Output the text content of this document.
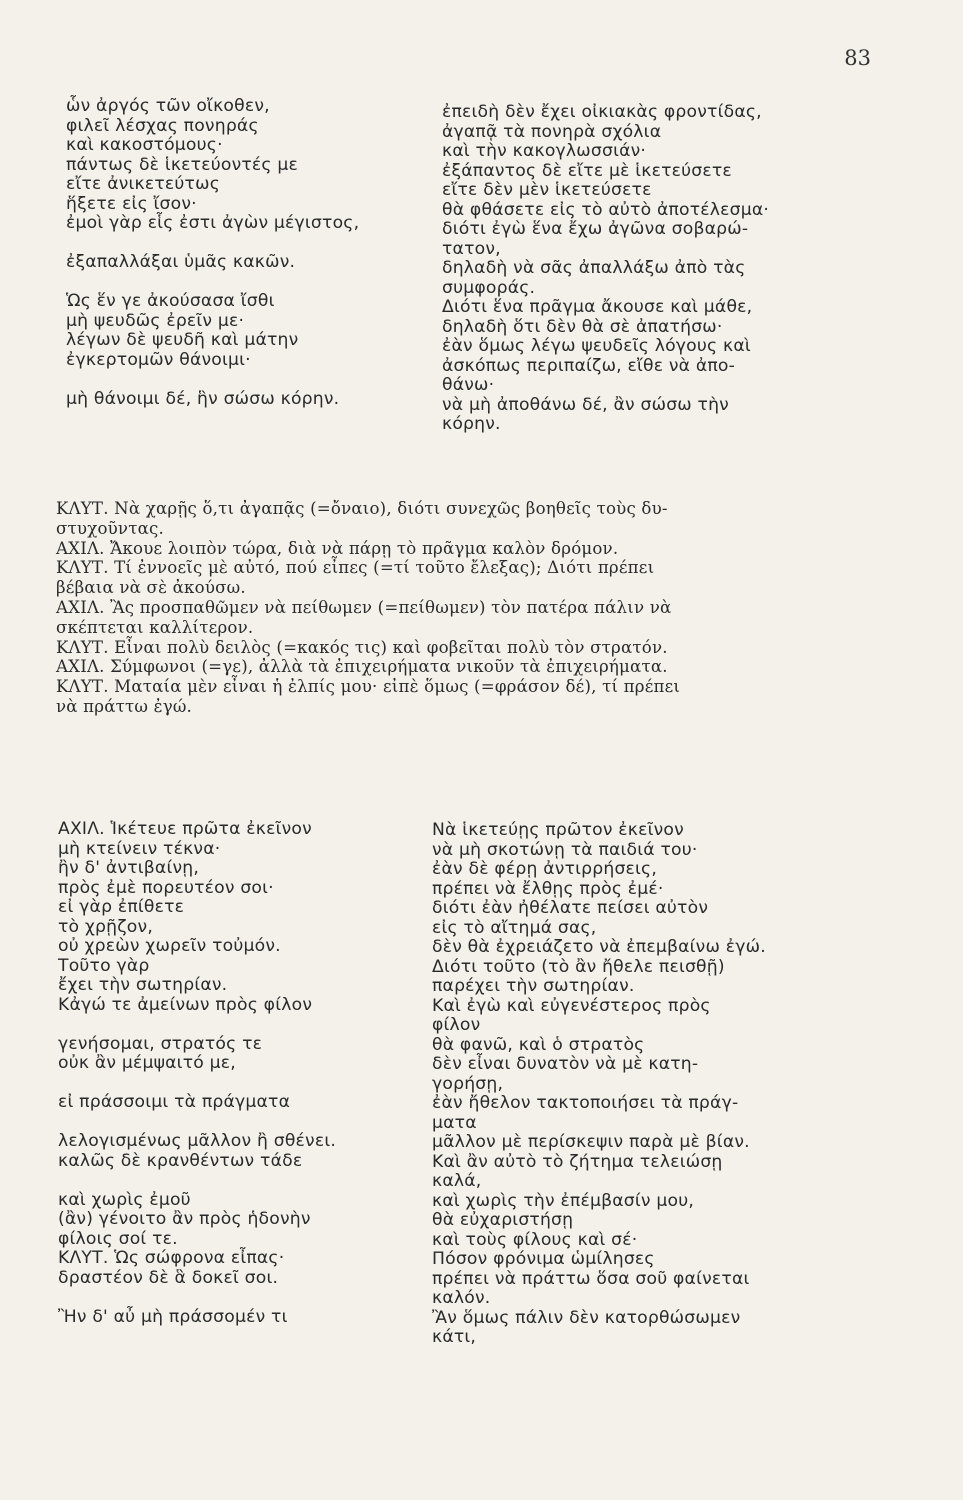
83
ὧν ἀργός τῶν οἴκοθεν,
φιλεῖ λέσχας πονηράς
καὶ κακοστόμους·
πάντως δὲ ἱκετεύοντές με
εἴτε ἀνικετεύτως
ἥξετε εἰς ἴσον·
ἐμοὶ γὰρ εἷς ἐστι ἀγὼν μέγιστος,
ἐξαπαλλάξαι ὑμᾶς κακῶν.
Ὡς ἕν γε ἀκούσασα ἴσθι
μὴ ψευδῶς ἐρεῖν με·
λέγων δὲ ψευδῆ καὶ μάτην
ἐγκερτομῶν θάνοιμι·
μὴ θάνοιμι δέ, ἣν σώσω κόρην.
ἐπειδὴ δὲν ἔχει οἰκιακὰς φροντίδας,
ἀγαπᾷ τὰ πονηρὰ σχόλια
καὶ τὴν κακογλωσσιάν·
ἐξάπαντος δὲ εἴτε μὲ ἱκετεύσετε
εἴτε δὲν μὲν ἱκετεύσετε
θὰ φθάσετε εἰς τὸ αὐτὸ ἀποτέλεσμα·
διότι ἐγὼ ἕνα ἔχω ἀγῶνα σοβαρώ-
τατον,
δηλαδὴ νὰ σᾶς ἀπαλλάξω ἀπὸ τὰς
συμφοράς.
Διότι ἕνα πρᾶγμα ἄκουσε καὶ μάθε,
δηλαδὴ ὅτι δὲν θὰ σὲ ἀπατήσω·
ἐὰν ὅμως λέγω ψευδεῖς λόγους καὶ
ἀσκόπως περιπαίζω, εἴθε νὰ ἀπο-
θάνω·
νὰ μὴ ἀποθάνω δέ, ἂν σώσω τὴν
κόρην.
ΚΛΥΤ. Νὰ χαρῇς ὅ,τι ἀγαπᾷς (=ὄναιο), διότι συνεχῶς βοηθεῖς τοὺς δυ-
στυχοῦντας.
ΑΧΙΛ. Ἄκουε λοιπὸν τώρα, διὰ νὰ πάρῃ τὸ πρᾶγμα καλὸν δρόμον.
ΚΛΥΤ. Τί ἐννοεῖς μὲ αὐτό, πού εἶπες (=τί τοῦτο ἔλεξας); Διότι πρέπει
βέβαια νὰ σὲ ἀκούσω.
ΑΧΙΛ. Ἂς προσπαθῶμεν νὰ πείθωμεν (=πείθωμεν) τὸν πατέρα πάλιν νὰ
σκέπτεται καλλίτερον.
ΚΛΥΤ. Εἶναι πολὺ δειλὸς (=κακός τις) καὶ φοβεῖται πολὺ τὸν στρατόν.
ΑΧΙΛ. Σύμφωνοι (=γε), ἀλλὰ τὰ ἐπιχειρήματα νικοῦν τὰ ἐπιχειρήματα.
ΚΛΥΤ. Ματαία μὲν εἶναι ἡ ἐλπίς μου· εἰπὲ ὅμως (=φράσον δέ), τί πρέπει
νὰ πράττω ἐγώ.
ΑΧΙΛ. Ἱκέτευε πρῶτα ἐκεῖνον
μὴ κτείνειν τέκνα·
ἢν δ' ἀντιβαίνῃ,
πρὸς ἐμὲ πορευτέον σοι·
εἰ γὰρ ἐπίθετε
τὸ χρῇζον,
οὐ χρεὼν χωρεῖν τοὐμόν.
Τοῦτο γὰρ
ἔχει τὴν σωτηρίαν.
Κἀγώ τε ἀμείνων πρὸς φίλον
γενήσομαι, στρατός τε
οὐκ ἂν μέμψαιτό με,
εἰ πράσσοιμι τὰ πράγματα
λελογισμένως μᾶλλον ἢ σθένει.
καλῶς δὲ κρανθέντων τάδε
καὶ χωρὶς ἐμοῦ
(ἂν) γένοιτο ἂν πρὸς ἡδονὴν
φίλοις σοί τε.
ΚΛΥΤ. Ὡς σώφρονα εἶπας·
δραστέον δὲ ἃ δοκεῖ σοι.
Ἢν δ' αὖ μὴ πράσσομέν τι
Νὰ ἱκετεύῃς πρῶτον ἐκεῖνον
νὰ μὴ σκοτώνῃ τὰ παιδιά του·
ἐὰν δὲ φέρῃ ἀντιρρήσεις,
πρέπει νὰ ἔλθῃς πρὸς ἐμέ·
διότι ἐὰν ἠθέλατε πείσει αὐτὸν
εἰς τὸ αἴτημά σας,
δὲν θὰ ἐχρειάζετο νὰ ἐπεμβαίνω ἐγώ.
Διότι τοῦτο (τὸ ἂν ἤθελε πεισθῇ)
παρέχει τὴν σωτηρίαν.
Καὶ ἐγὼ καὶ εὐγενέστερος πρὸς
φίλον
θὰ φανῶ, καὶ ὁ στρατὸς
δὲν εἶναι δυνατὸν νὰ μὲ κατη-
γορήσῃ,
ἐὰν ἤθελον τακτοποιήσει τὰ πράγ-
ματα
μᾶλλον μὲ περίσκεψιν παρὰ μὲ βίαν.
Καὶ ἂν αὐτὸ τὸ ζήτημα τελειώσῃ
καλά,
καὶ χωρὶς τὴν ἐπέμβασίν μου,
θὰ εὐχαριστήσῃ
καὶ τοὺς φίλους καὶ σέ·
Πόσον φρόνιμα ὡμίλησες
πρέπει νὰ πράττω ὅσα σοῦ φαίνεται
καλόν.
Ἂν ὅμως πάλιν δὲν κατορθώσωμεν
κάτι,
